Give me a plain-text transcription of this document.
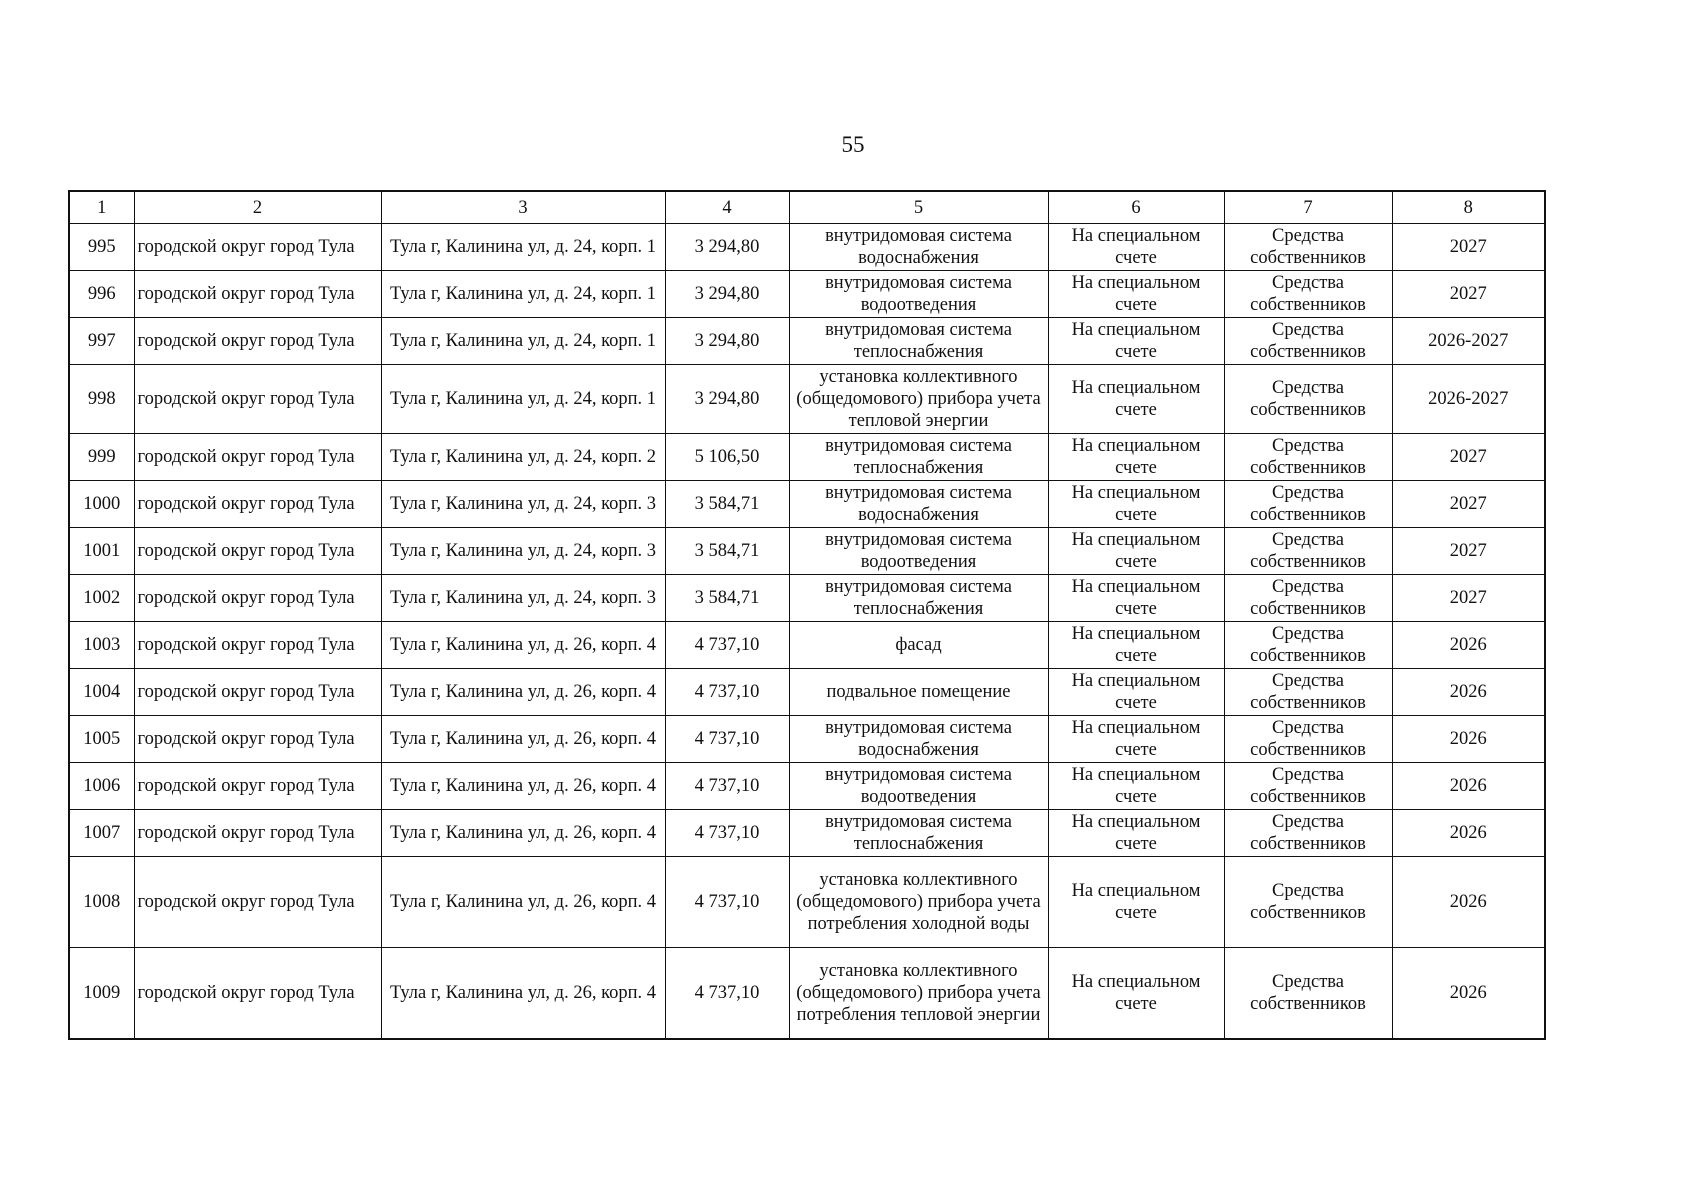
55
1	2	3	4	5	6	7	8
995	городской округ город Тула	Тула г, Калинина ул, д. 24, корп. 1	3 294,80	внутридомовая система водоснабжения	На специальном счете	Средства собственников	2027
996	городской округ город Тула	Тула г, Калинина ул, д. 24, корп. 1	3 294,80	внутридомовая система водоотведения	На специальном счете	Средства собственников	2027
997	городской округ город Тула	Тула г, Калинина ул, д. 24, корп. 1	3 294,80	внутридомовая система теплоснабжения	На специальном счете	Средства собственников	2026-2027
998	городской округ город Тула	Тула г, Калинина ул, д. 24, корп. 1	3 294,80	установка коллективного (общедомового) прибора учета тепловой энергии	На специальном счете	Средства собственников	2026-2027
999	городской округ город Тула	Тула г, Калинина ул, д. 24, корп. 2	5 106,50	внутридомовая система теплоснабжения	На специальном счете	Средства собственников	2027
1000	городской округ город Тула	Тула г, Калинина ул, д. 24, корп. 3	3 584,71	внутридомовая система водоснабжения	На специальном счете	Средства собственников	2027
1001	городской округ город Тула	Тула г, Калинина ул, д. 24, корп. 3	3 584,71	внутридомовая система водоотведения	На специальном счете	Средства собственников	2027
1002	городской округ город Тула	Тула г, Калинина ул, д. 24, корп. 3	3 584,71	внутридомовая система теплоснабжения	На специальном счете	Средства собственников	2027
1003	городской округ город Тула	Тула г, Калинина ул, д. 26, корп. 4	4 737,10	фасад	На специальном счете	Средства собственников	2026
1004	городской округ город Тула	Тула г, Калинина ул, д. 26, корп. 4	4 737,10	подвальное помещение	На специальном счете	Средства собственников	2026
1005	городской округ город Тула	Тула г, Калинина ул, д. 26, корп. 4	4 737,10	внутридомовая система водоснабжения	На специальном счете	Средства собственников	2026
1006	городской округ город Тула	Тула г, Калинина ул, д. 26, корп. 4	4 737,10	внутридомовая система водоотведения	На специальном счете	Средства собственников	2026
1007	городской округ город Тула	Тула г, Калинина ул, д. 26, корп. 4	4 737,10	внутридомовая система теплоснабжения	На специальном счете	Средства собственников	2026
1008	городской округ город Тула	Тула г, Калинина ул, д. 26, корп. 4	4 737,10	установка коллективного (общедомового) прибора учета потребления холодной воды	На специальном счете	Средства собственников	2026
1009	городской округ город Тула	Тула г, Калинина ул, д. 26, корп. 4	4 737,10	установка коллективного (общедомового) прибора учета потребления тепловой энергии	На специальном счете	Средства собственников	2026
